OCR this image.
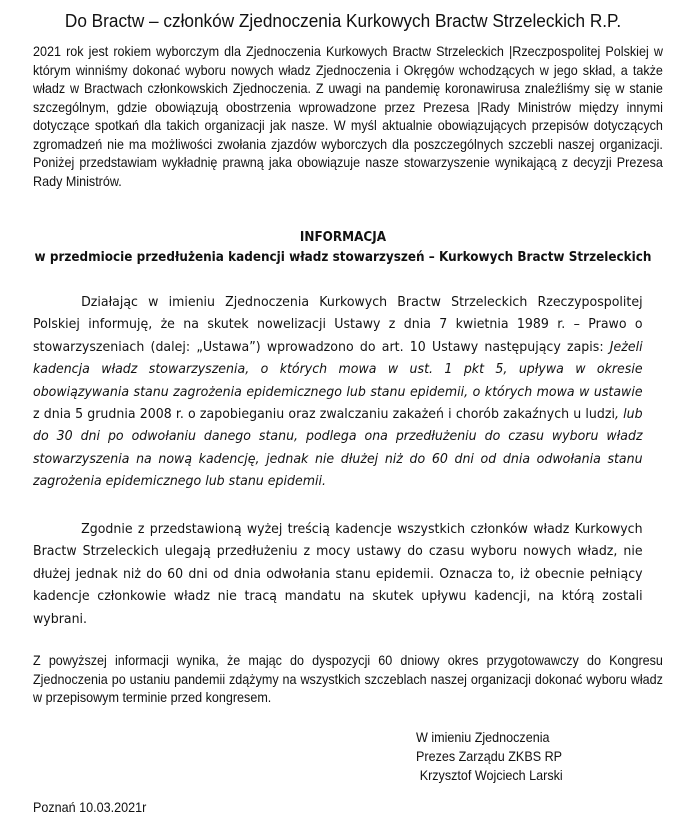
Do Bractw – członków Zjednoczenia Kurkowych Bractw Strzeleckich R.P.
2021 rok jest rokiem wyborczym dla Zjednoczenia Kurkowych Bractw Strzeleckich |Rzeczpospolitej Polskiej w którym winniśmy dokonać wyboru nowych władz Zjednoczenia i Okręgów wchodzących w jego skład, a także władz w Bractwach członkowskich Zjednoczenia. Z uwagi na pandemię koronawirusa znaleźliśmy się w stanie szczególnym, gdzie obowiązują obostrzenia wprowadzone przez Prezesa |Rady Ministrów między innymi dotyczące spotkań dla takich organizacji jak nasze. W myśl aktualnie obowiązujących przepisów dotyczących zgromadzeń nie ma możliwości zwołania zjazdów wyborczych dla poszczególnych szczebli naszej organizacji. Poniżej przedstawiam wykładnię prawną jaka obowiązuje nasze stowarzyszenie wynikającą z decyzji Prezesa Rady Ministrów.
INFORMACJA
w przedmiocie przedłużenia kadencji władz stowarzyszeń – Kurkowych Bractw Strzeleckich
Działając w imieniu Zjednoczenia Kurkowych Bractw Strzeleckich Rzeczypospolitej Polskiej informuję, że na skutek nowelizacji Ustawy z dnia 7 kwietnia 1989 r. – Prawo o stowarzyszeniach (dalej: „Ustawa”) wprowadzono do art. 10 Ustawy następujący zapis: Jeżeli kadencja władz stowarzyszenia, o których mowa w ust. 1 pkt 5, upływa w okresie obowiązywania stanu zagrożenia epidemicznego lub stanu epidemii, o których mowa w ustawie z dnia 5 grudnia 2008 r. o zapobieganiu oraz zwalczaniu zakażeń i chorób zakaźnych u ludzi, lub do 30 dni po odwołaniu danego stanu, podlega ona przedłużeniu do czasu wyboru władz stowarzyszenia na nową kadencję, jednak nie dłużej niż do 60 dni od dnia odwołania stanu zagrożenia epidemicznego lub stanu epidemii.
Zgodnie z przedstawioną wyżej treścią kadencje wszystkich członków władz Kurkowych Bractw Strzeleckich ulegają przedłużeniu z mocy ustawy do czasu wyboru nowych władz, nie dłużej jednak niż do 60 dni od dnia odwołania stanu epidemii. Oznacza to, iż obecnie pełniący kadencje członkowie władz nie tracą mandatu na skutek upływu kadencji, na którą zostali wybrani.
Z powyższej informacji wynika, że mając do dyspozycji 60 dniowy okres przygotowawczy do Kongresu Zjednoczenia po ustaniu pandemii zdążymy na wszystkich szczeblach naszej organizacji dokonać wyboru władz w przepisowym terminie przed kongresem.
W imieniu Zjednoczenia
Prezes Zarządu ZKBS RP
Krzysztof Wojciech Larski
Poznań 10.03.2021r
